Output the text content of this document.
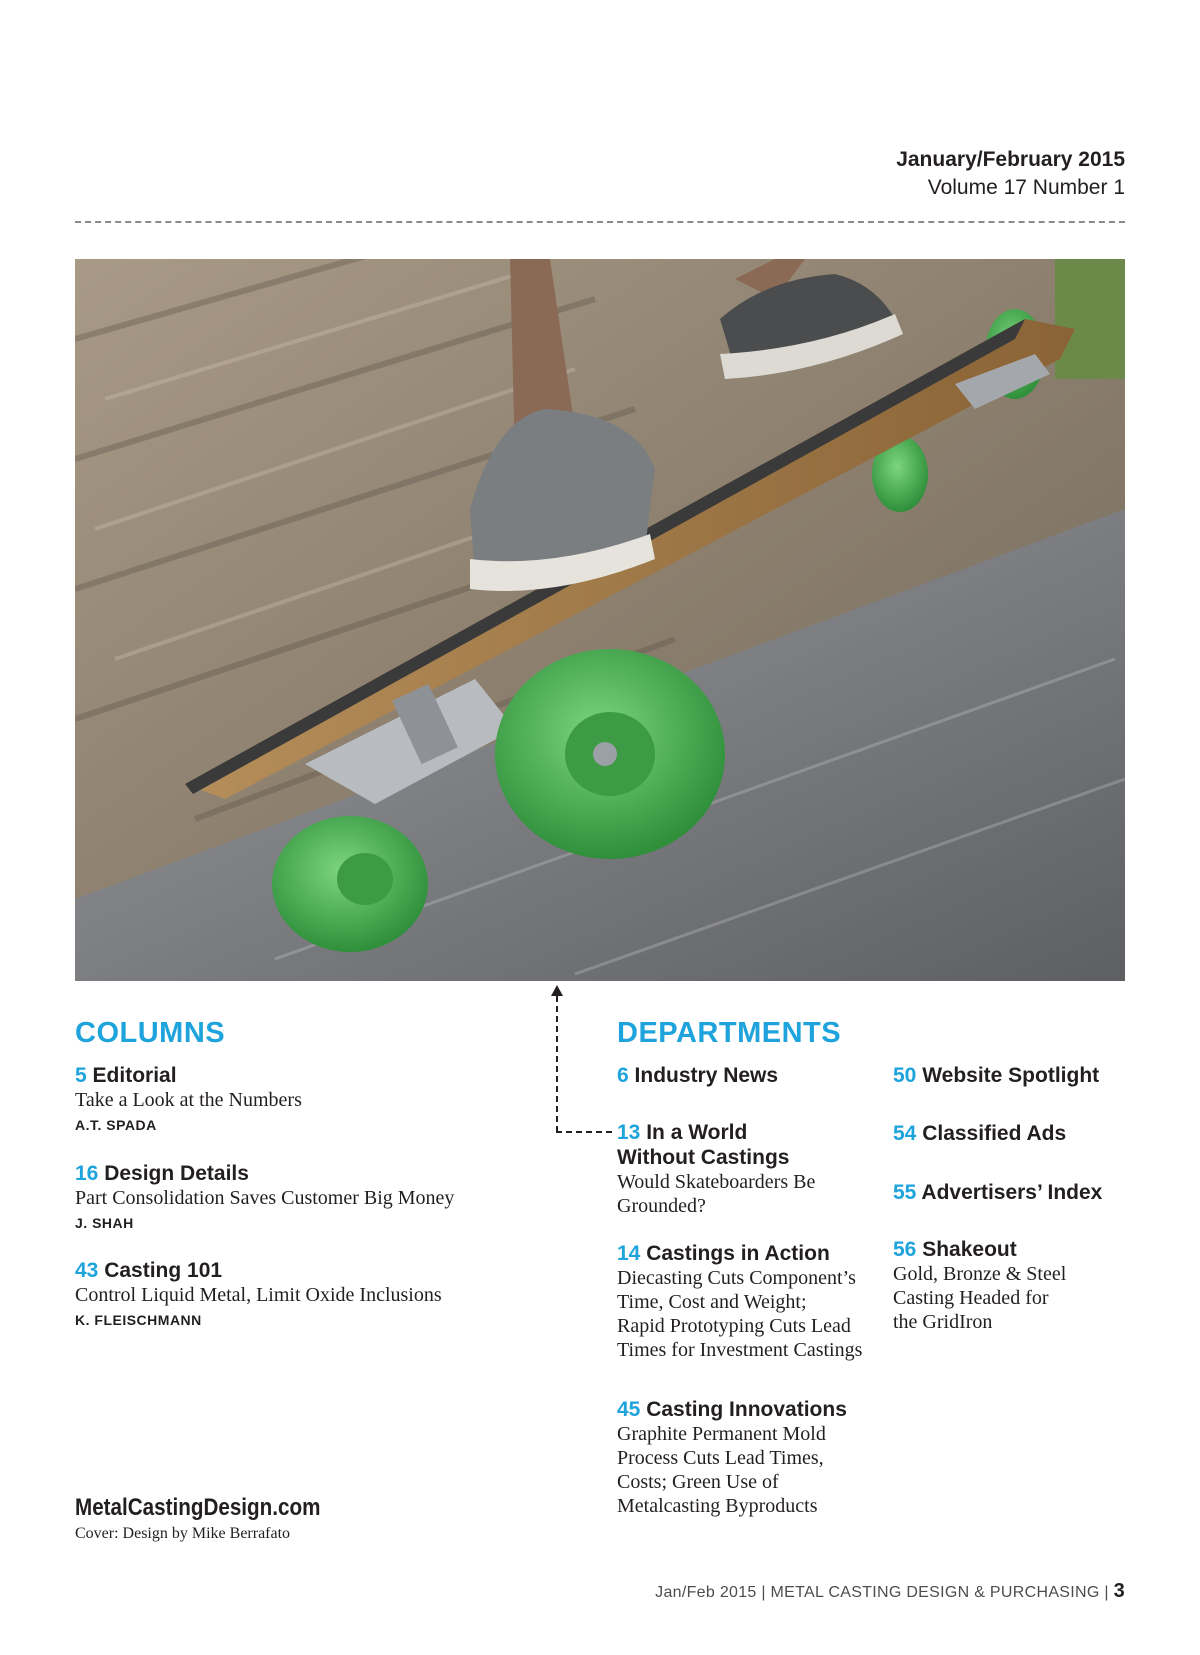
January/February 2015
Volume 17 Number 1
COLUMNS
5 Editorial
Take a Look at the Numbers
A.T. SPADA
16 Design Details
Part Consolidation Saves Customer Big Money
J. SHAH
43 Casting 101
Control Liquid Metal, Limit Oxide Inclusions
K. FLEISCHMANN
DEPARTMENTS
6 Industry News
13 In a World
Without Castings
Would Skateboarders Be
Grounded?
14 Castings in Action
Diecasting Cuts Component’s
Time, Cost and Weight;
Rapid Prototyping Cuts Lead
Times for Investment Castings
45 Casting Innovations
Graphite Permanent Mold
Process Cuts Lead Times,
Costs; Green Use of
Metalcasting Byproducts
50 Website Spotlight
54 Classified Ads
55 Advertisers’ Index
56 Shakeout
Gold, Bronze & Steel
Casting Headed for
the GridIron
MetalCastingDesign.com
Cover: Design by Mike Berrafato
Jan/Feb 2015 | METAL CASTING DESIGN & PURCHASING | 3
